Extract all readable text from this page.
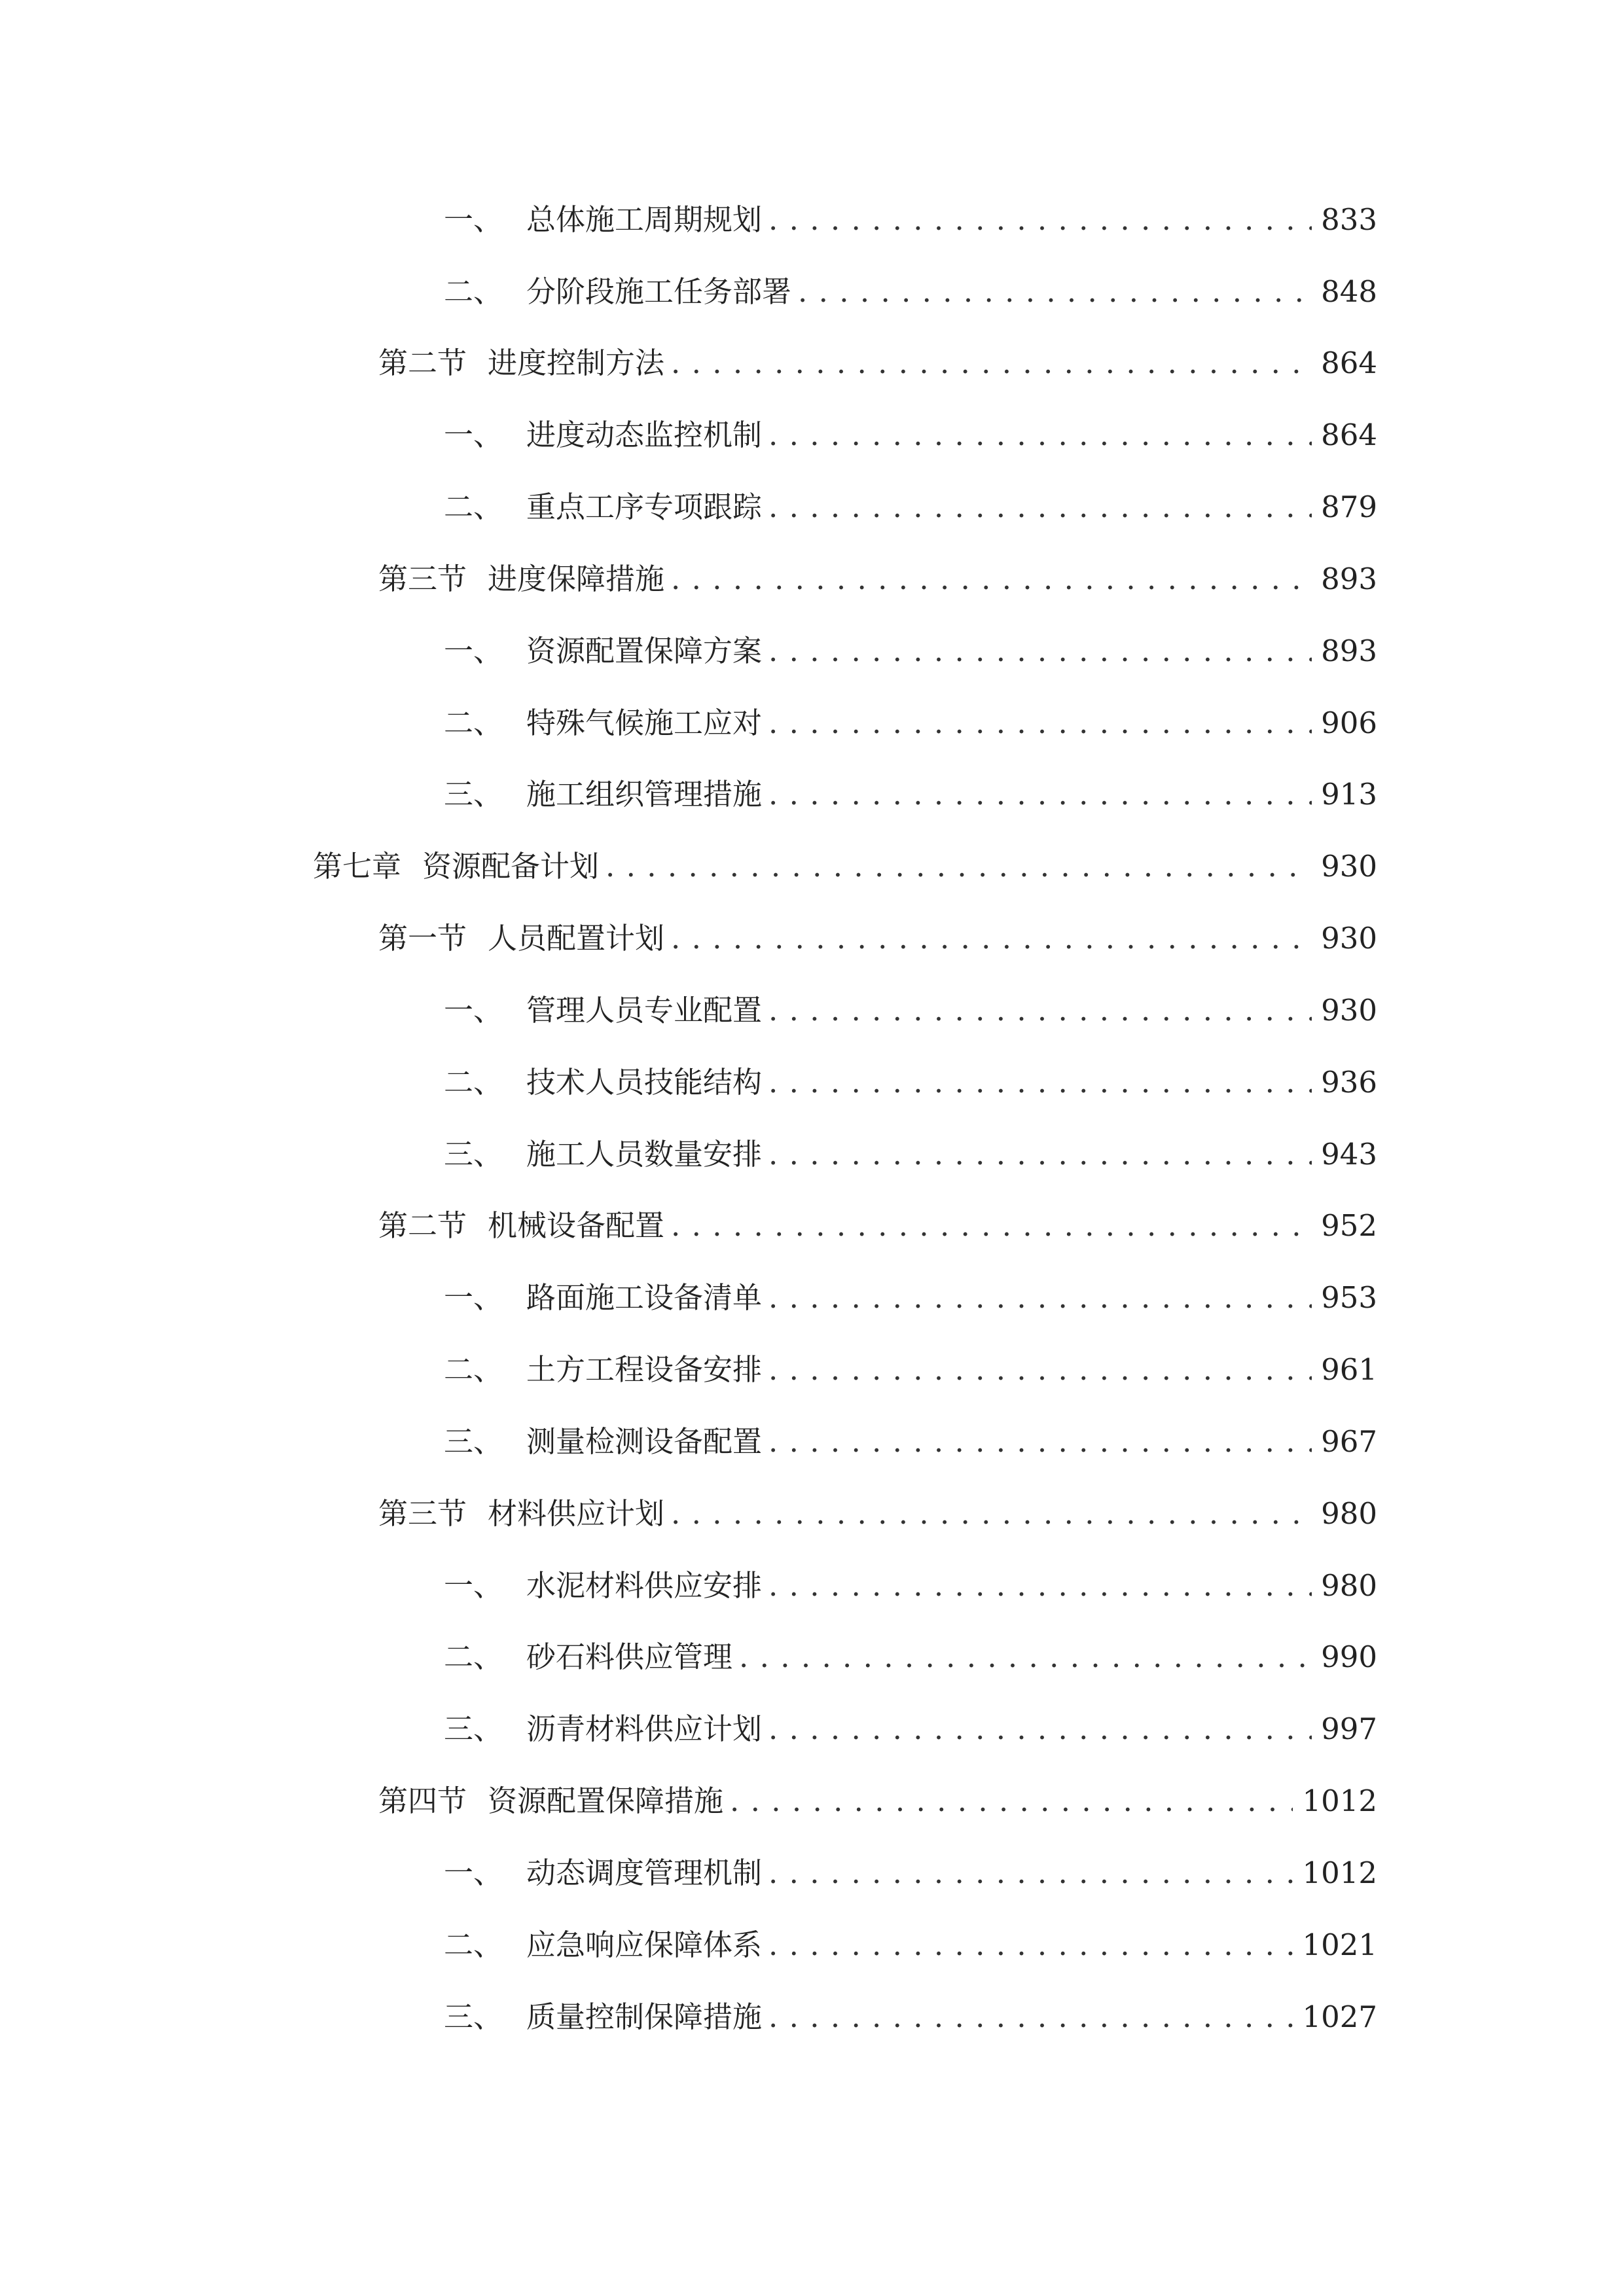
一、 总体施工周期规划 . . .	833
二、 分阶段施工任务部署 . . .	848
第二节 进度控制方法 . . .	864
一、 进度动态监控机制 . . .	864
二、 重点工序专项跟踪 . . .	879
第三节 进度保障措施 . . .	893
一、 资源配置保障方案 . . .	893
二、 特殊气候施工应对 . . .	906
三、 施工组织管理措施 . . .	913
第七章 资源配备计划 . . .	930
第一节 人员配置计划 . . .	930
一、 管理人员专业配置 . . .	930
二、 技术人员技能结构 . . .	936
三、 施工人员数量安排 . . .	943
第二节 机械设备配置 . . .	952
一、 路面施工设备清单 . . .	953
二、 土方工程设备安排 . . .	961
三、 测量检测设备配置 . . .	967
第三节 材料供应计划 . . .	980
一、 水泥材料供应安排 . . .	980
二、 砂石料供应管理 . . .	990
三、 沥青材料供应计划 . . .	997
第四节 资源配置保障措施 . . .	1012
一、 动态调度管理机制 . . .	1012
二、 应急响应保障体系 . . .	1021
三、 质量控制保障措施 . . .	1027
